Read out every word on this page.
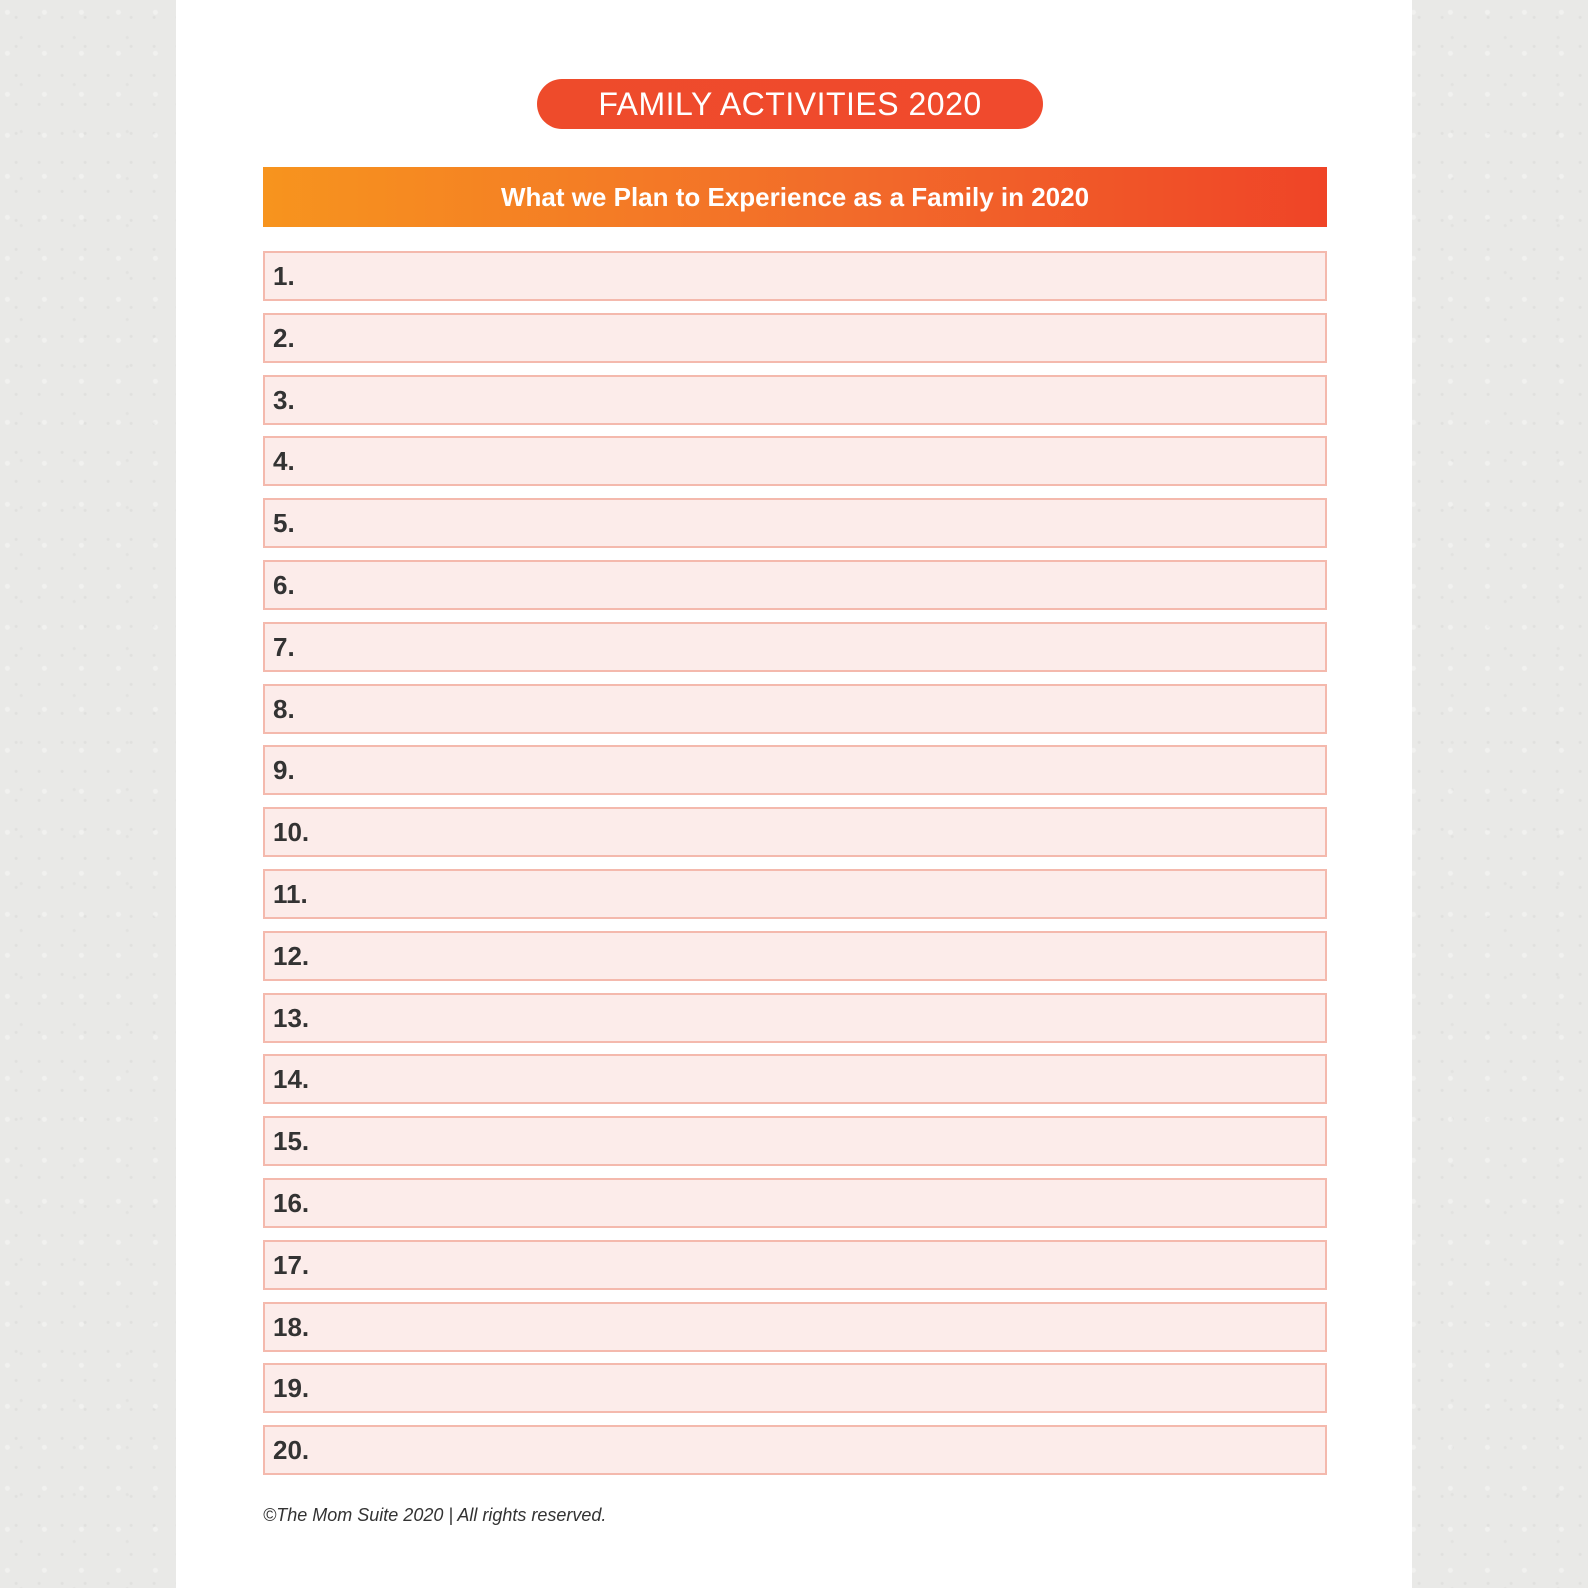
FAMILY ACTIVITIES 2020
What we Plan to Experience as a Family in 2020
1.
2.
3.
4.
5.
6.
7.
8.
9.
10.
11.
12.
13.
14.
15.
16.
17.
18.
19.
20.
©The Mom Suite 2020 | All rights reserved.
